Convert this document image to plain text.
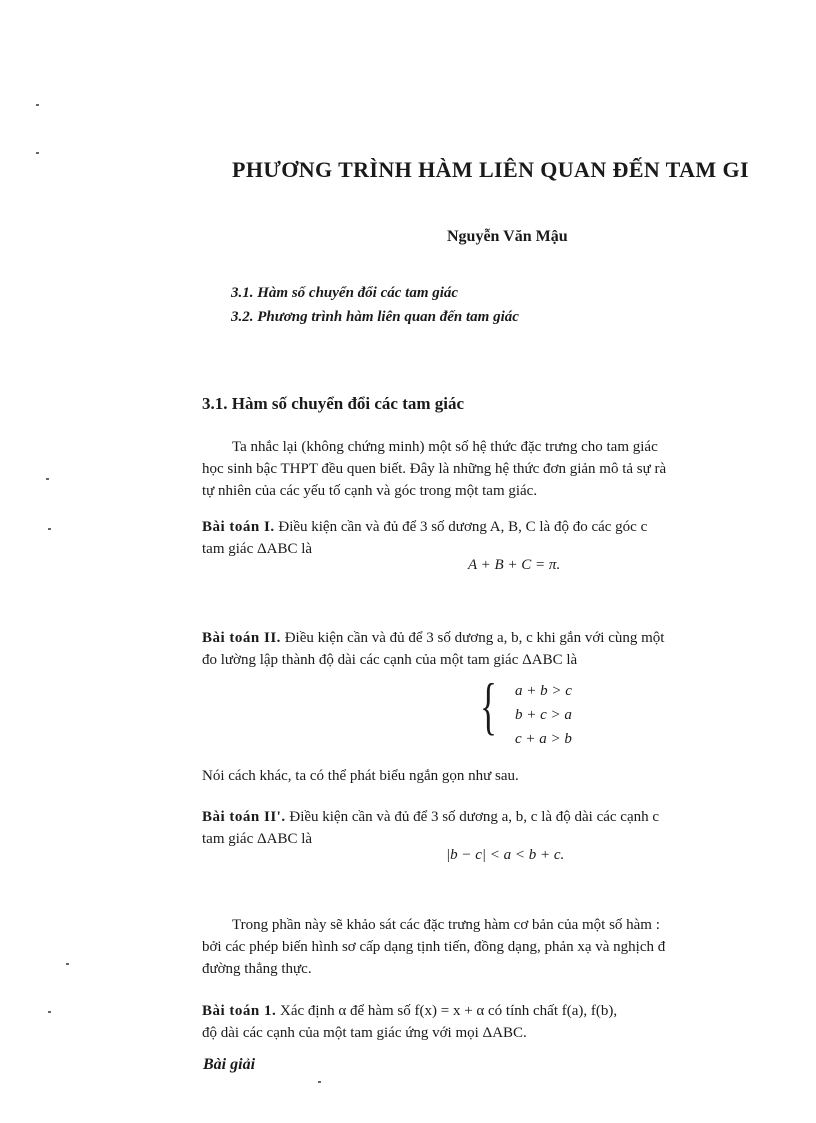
PHƯƠNG TRÌNH HÀM LIÊN QUAN ĐẾN TAM GI
Nguyễn Văn Mậu
3.1. Hàm số chuyển đổi các tam giác
3.2. Phương trình hàm liên quan đến tam giác
3.1. Hàm số chuyển đổi các tam giác
Ta nhắc lại (không chứng minh) một số hệ thức đặc trưng cho tam giác
học sinh bậc THPT đều quen biết. Đây là những hệ thức đơn giản mô tả sự rà
tự nhiên của các yếu tố cạnh và góc trong một tam giác.
Bài toán I. Điều kiện cần và đủ để 3 số dương A, B, C là độ đo các góc c
tam giác ΔABC là
A + B + C = π.
Bài toán II. Điều kiện cần và đủ để 3 số dương a, b, c khi gắn với cùng một
đo lường lập thành độ dài các cạnh của một tam giác ΔABC là
{ a + b > c
b + c > a
c + a > b
Nói cách khác, ta có thể phát biểu ngắn gọn như sau.
Bài toán II'. Điều kiện cần và đủ để 3 số dương a, b, c là độ dài các cạnh c
tam giác ΔABC là
|b − c| < a < b + c.
Trong phần này sẽ khảo sát các đặc trưng hàm cơ bản của một số hàm :
bởi các phép biến hình sơ cấp dạng tịnh tiến, đồng dạng, phản xạ và nghịch đ
đường thẳng thực.
Bài toán 1. Xác định α để hàm số f(x) = x + α có tính chất f(a), f(b),
độ dài các cạnh của một tam giác ứng với mọi ΔABC.
Bài giải
